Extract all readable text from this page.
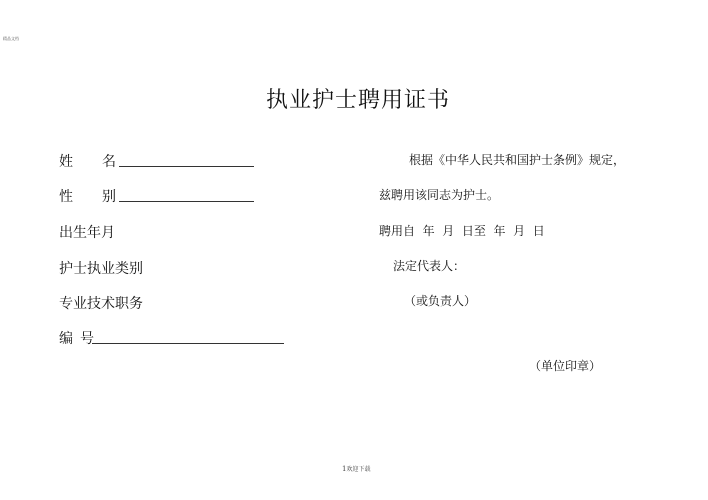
精品文档
执业护士聘用证书
姓 名
性 别
出生年月
护士执业类别
专业技术职务
编 号
根据《中华人民共和国护士条例》规定，
兹聘用该同志为护士。
聘用自  年  月  日至  年  月  日
法定代表人：
（或负责人）
（单位印章）
1欢迎下载
